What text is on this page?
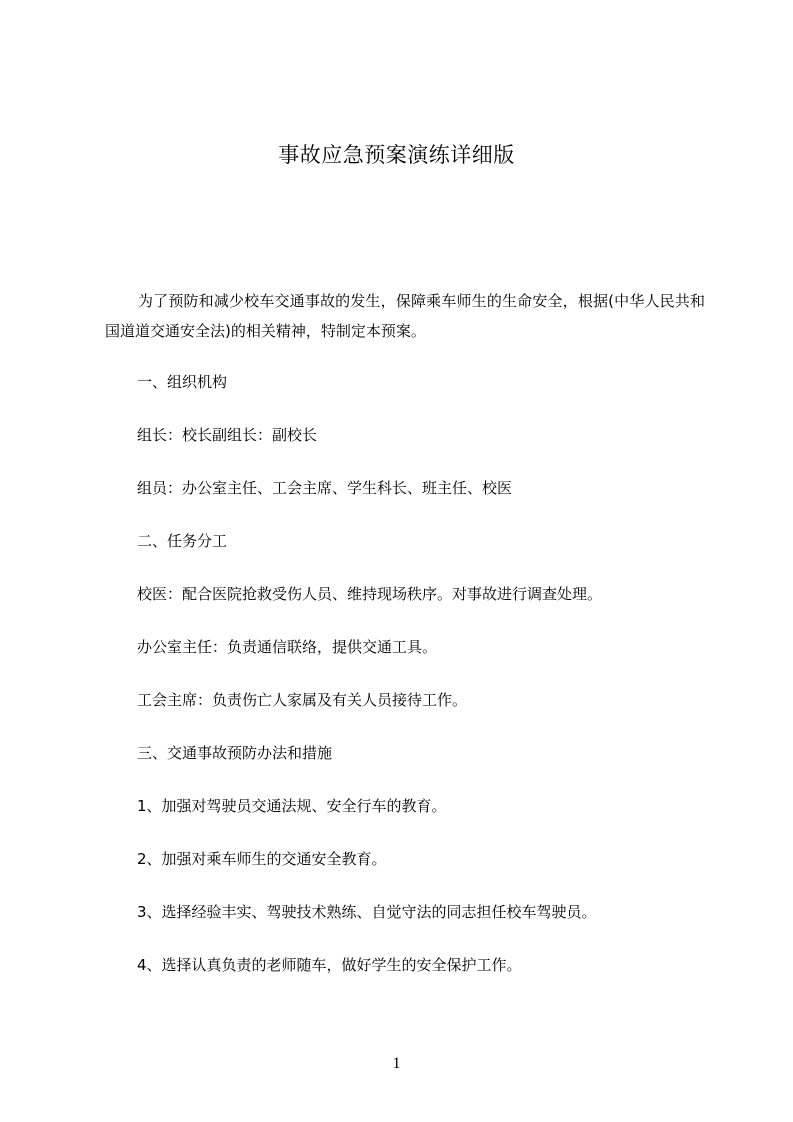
事故应急预案演练详细版
为了预防和减少校车交通事故的发生，保障乘车师生的生命安全，根据(中华人民共和国道道交通安全法)的相关精神，特制定本预案。
一、组织机构
组长：校长副组长：副校长
组员：办公室主任、工会主席、学生科长、班主任、校医
二、任务分工
校医：配合医院抢救受伤人员、维持现场秩序。对事故进行调查处理。
办公室主任：负责通信联络，提供交通工具。
工会主席：负责伤亡人家属及有关人员接待工作。
三、交通事故预防办法和措施
1、加强对驾驶员交通法规、安全行车的教育。
2、加强对乘车师生的交通安全教育。
3、选择经验丰实、驾驶技术熟练、自觉守法的同志担任校车驾驶员。
4、选择认真负责的老师随车，做好学生的安全保护工作。
1
